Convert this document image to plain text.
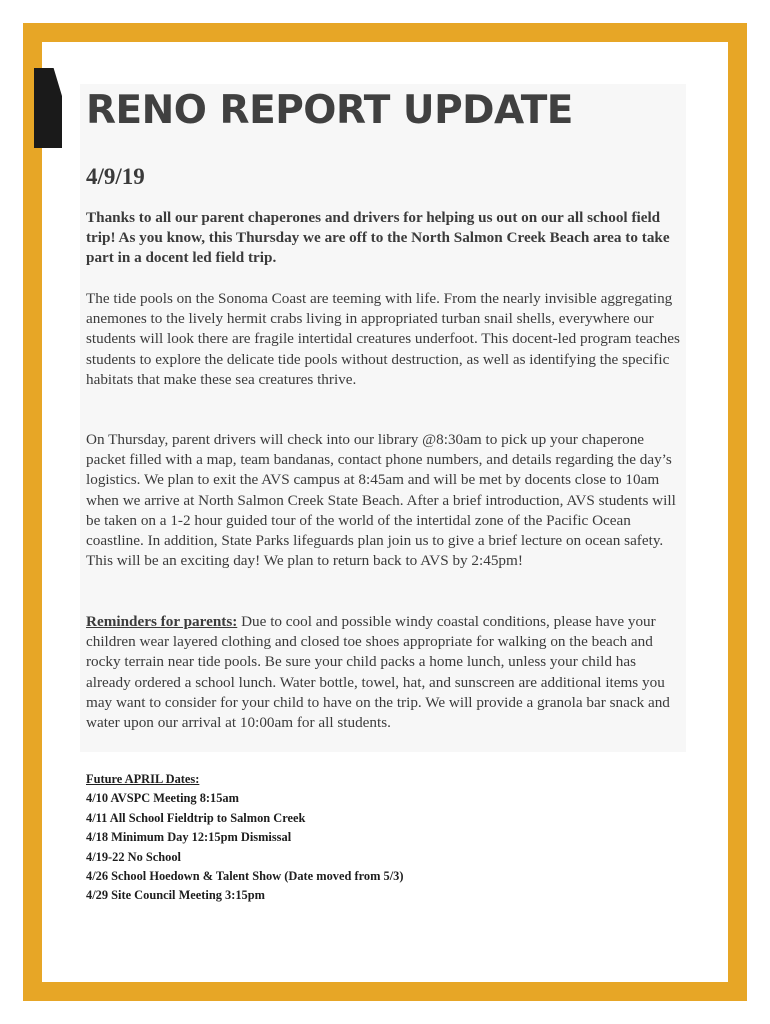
RENO REPORT UPDATE
4/9/19
Thanks to all our parent chaperones and drivers for helping us out on our all school field trip! As you know, this Thursday we are off to the North Salmon Creek Beach area to take part in a docent led field trip.
The tide pools on the Sonoma Coast are teeming with life. From the nearly invisible aggregating anemones to the lively hermit crabs living in appropriated turban snail shells, everywhere our students will look there are fragile intertidal creatures underfoot. This docent-led program teaches students to explore the delicate tide pools without destruction, as well as identifying the specific habitats that make these sea creatures thrive.
On Thursday, parent drivers will check into our library @8:30am to pick up your chaperone packet filled with a map, team bandanas, contact phone numbers, and details regarding the day’s logistics. We plan to exit the AVS campus at 8:45am and will be met by docents close to 10am when we arrive at North Salmon Creek State Beach. After a brief introduction, AVS students will be taken on a 1-2 hour guided tour of the world of the intertidal zone of the Pacific Ocean coastline. In addition, State Parks lifeguards plan join us to give a brief lecture on ocean safety. This will be an exciting day! We plan to return back to AVS by 2:45pm!
Reminders for parents: Due to cool and possible windy coastal conditions, please have your children wear layered clothing and closed toe shoes appropriate for walking on the beach and rocky terrain near tide pools. Be sure your child packs a home lunch, unless your child has already ordered a school lunch. Water bottle, towel, hat, and sunscreen are additional items you may want to consider for your child to have on the trip. We will provide a granola bar snack and water upon our arrival at 10:00am for all students.
Future APRIL Dates:
4/10 AVSPC Meeting 8:15am
4/11 All School Fieldtrip to Salmon Creek
4/18 Minimum Day 12:15pm Dismissal
4/19-22 No School
4/26 School Hoedown & Talent Show (Date moved from 5/3)
4/29 Site Council Meeting 3:15pm
